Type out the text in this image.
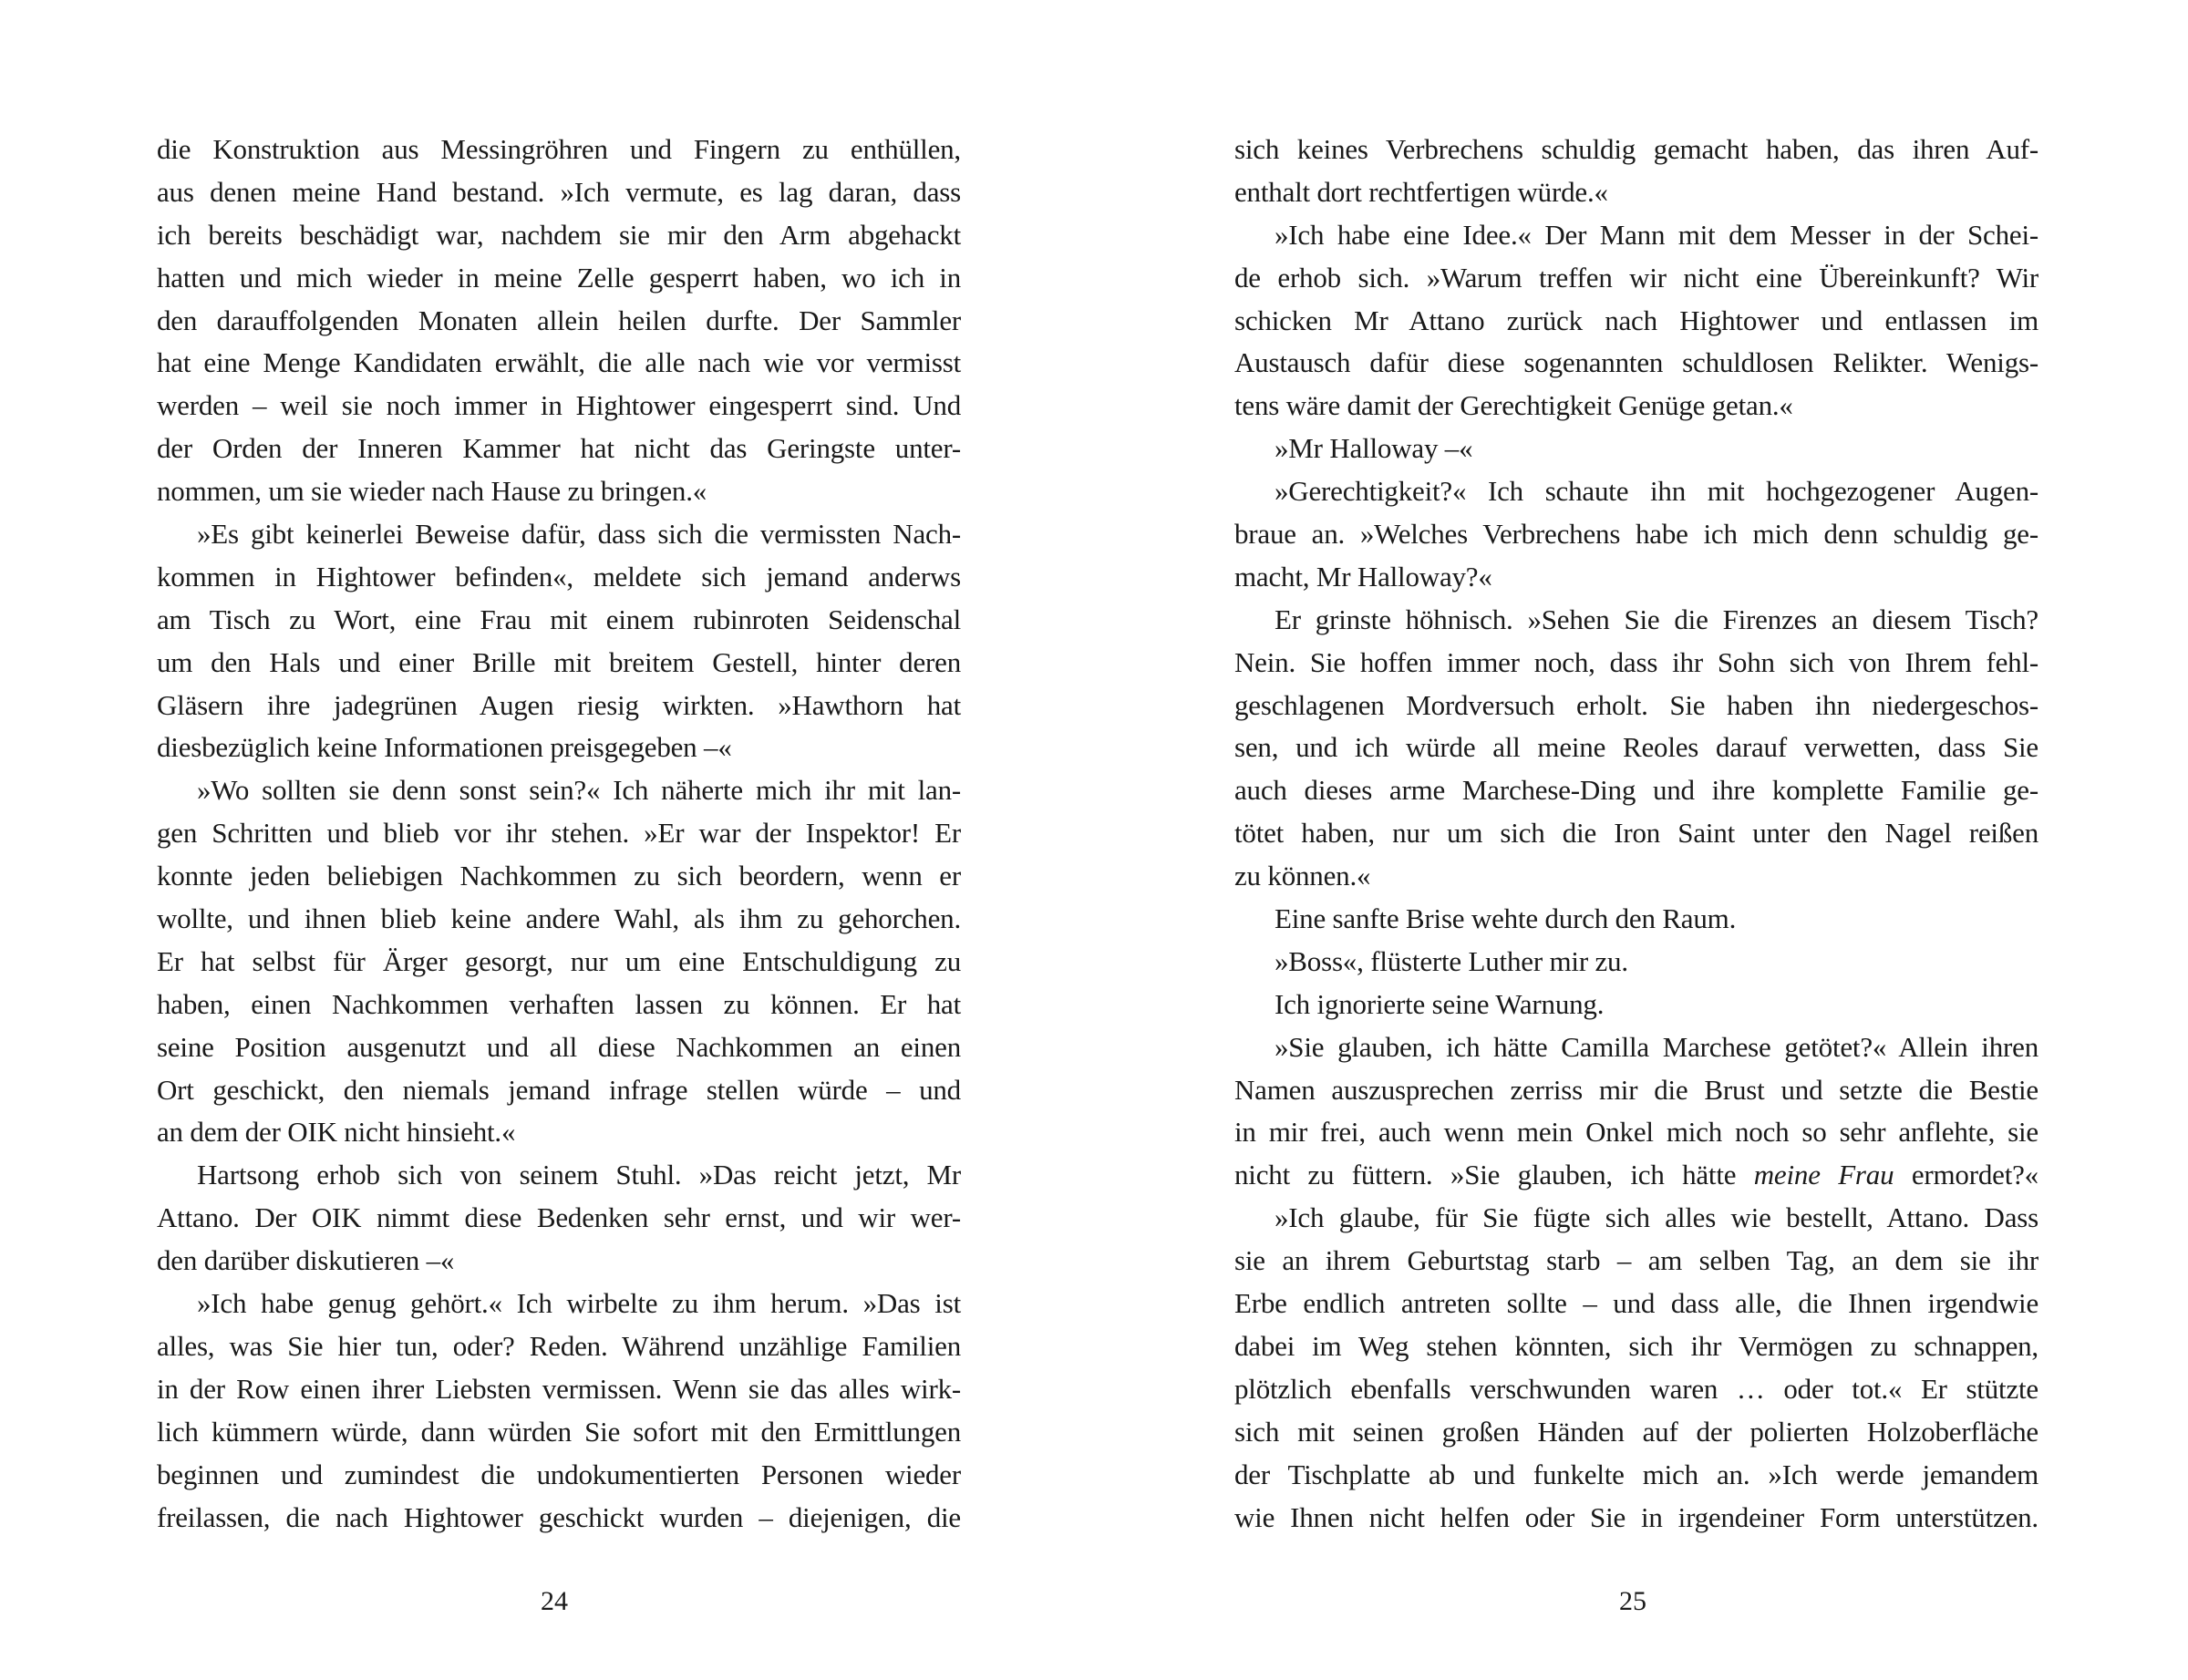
die Konstruktion aus Messingröhren und Fingern zu enthüllen,
aus denen meine Hand bestand. »Ich vermute, es lag daran, dass
ich bereits beschädigt war, nachdem sie mir den Arm abgehackt
hatten und mich wieder in meine Zelle gesperrt haben, wo ich in
den darauffolgenden Monaten allein heilen durfte. Der Sammler
hat eine Menge Kandidaten erwählt, die alle nach wie vor vermisst
werden – weil sie noch immer in Hightower eingesperrt sind. Und
der Orden der Inneren Kammer hat nicht das Geringste unter-
nommen, um sie wieder nach Hause zu bringen.«
»Es gibt keinerlei Beweise dafür, dass sich die vermissten Nach-
kommen in Hightower befinden«, meldete sich jemand anderws
am Tisch zu Wort, eine Frau mit einem rubinroten Seidenschal
um den Hals und einer Brille mit breitem Gestell, hinter deren
Gläsern ihre jadegrünen Augen riesig wirkten. »Hawthorn hat
diesbezüglich keine Informationen preisgegeben –«
»Wo sollten sie denn sonst sein?« Ich näherte mich ihr mit lan-
gen Schritten und blieb vor ihr stehen. »Er war der Inspektor! Er
konnte jeden beliebigen Nachkommen zu sich beordern, wenn er
wollte, und ihnen blieb keine andere Wahl, als ihm zu gehorchen.
Er hat selbst für Ärger gesorgt, nur um eine Entschuldigung zu
haben, einen Nachkommen verhaften lassen zu können. Er hat
seine Position ausgenutzt und all diese Nachkommen an einen
Ort geschickt, den niemals jemand infrage stellen würde – und
an dem der OIK nicht hinsieht.«
Hartsong erhob sich von seinem Stuhl. »Das reicht jetzt, Mr
Attano. Der OIK nimmt diese Bedenken sehr ernst, und wir wer-
den darüber diskutieren –«
»Ich habe genug gehört.« Ich wirbelte zu ihm herum. »Das ist
alles, was Sie hier tun, oder? Reden. Während unzählige Familien
in der Row einen ihrer Liebsten vermissen. Wenn sie das alles wirk-
lich kümmern würde, dann würden Sie sofort mit den Ermittlungen
beginnen und zumindest die undokumentierten Personen wieder
freilassen, die nach Hightower geschickt wurden – diejenigen, die
24
sich keines Verbrechens schuldig gemacht haben, das ihren Auf-
enthalt dort rechtfertigen würde.«
»Ich habe eine Idee.« Der Mann mit dem Messer in der Schei-
de erhob sich. »Warum treffen wir nicht eine Übereinkunft? Wir
schicken Mr Attano zurück nach Hightower und entlassen im
Austausch dafür diese sogenannten schuldlosen Relikter. Wenigs-
tens wäre damit der Gerechtigkeit Genüge getan.«
»Mr Halloway –«
»Gerechtigkeit?« Ich schaute ihn mit hochgezogener Augen-
braue an. »Welches Verbrechens habe ich mich denn schuldig ge-
macht, Mr Halloway?«
Er grinste höhnisch. »Sehen Sie die Firenzes an diesem Tisch?
Nein. Sie hoffen immer noch, dass ihr Sohn sich von Ihrem fehl-
geschlagenen Mordversuch erholt. Sie haben ihn niedergeschos-
sen, und ich würde all meine Reoles darauf verwetten, dass Sie
auch dieses arme Marchese-Ding und ihre komplette Familie ge-
tötet haben, nur um sich die Iron Saint unter den Nagel reißen
zu können.«
Eine sanfte Brise wehte durch den Raum.
»Boss«, flüsterte Luther mir zu.
Ich ignorierte seine Warnung.
»Sie glauben, ich hätte Camilla Marchese getötet?« Allein ihren
Namen auszusprechen zerriss mir die Brust und setzte die Bestie
in mir frei, auch wenn mein Onkel mich noch so sehr anflehte, sie
nicht zu füttern. »Sie glauben, ich hätte meine Frau ermordet?«
»Ich glaube, für Sie fügte sich alles wie bestellt, Attano. Dass
sie an ihrem Geburtstag starb – am selben Tag, an dem sie ihr
Erbe endlich antreten sollte – und dass alle, die Ihnen irgendwie
dabei im Weg stehen könnten, sich ihr Vermögen zu schnappen,
plötzlich ebenfalls verschwunden waren … oder tot.« Er stützte
sich mit seinen großen Händen auf der polierten Holzoberfläche
der Tischplatte ab und funkelte mich an. »Ich werde jemandem
wie Ihnen nicht helfen oder Sie in irgendeiner Form unterstützen.
25
